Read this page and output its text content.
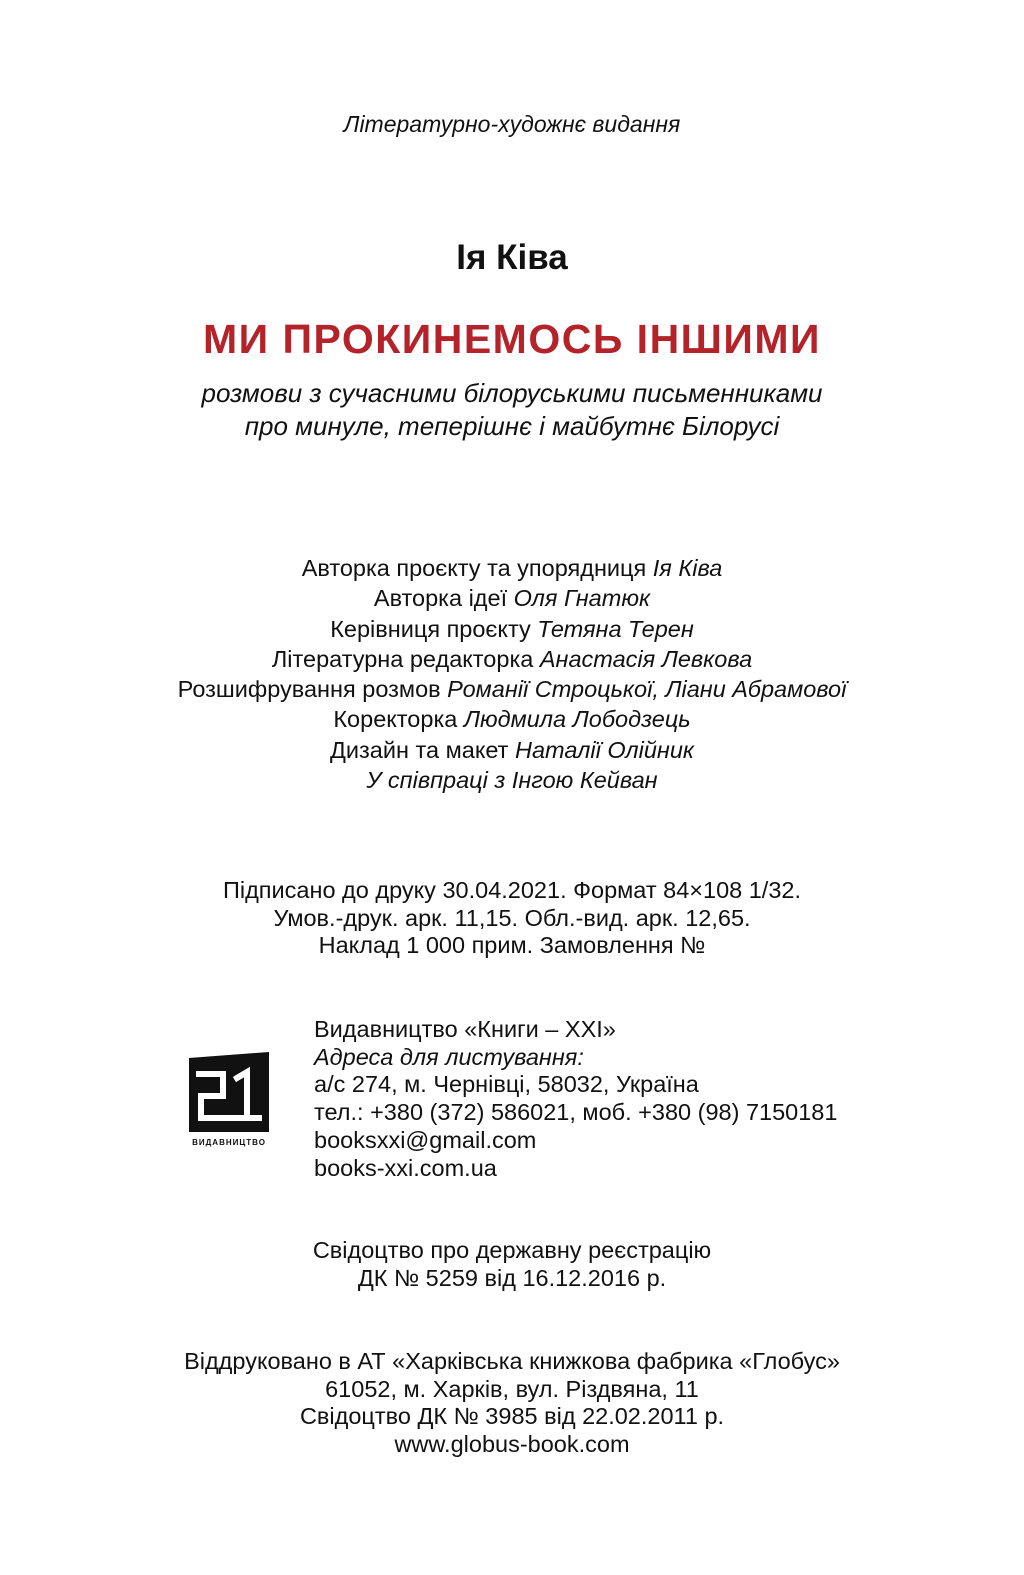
Літературно-художнє видання
Ія Ківа
МИ ПРОКИНЕМОСЬ ІНШИМИ
розмови з сучасними білоруськими письменниками
про минуле, теперішнє і майбутнє Білорусі
Авторка проєкту та упорядниця Ія Ківа
Авторка ідеї Оля Гнатюк
Керівниця проєкту Тетяна Терен
Літературна редакторка Анастасія Левкова
Розшифрування розмов Романії Строцької, Ліани Абрамової
Коректорка Людмила Лободзець
Дизайн та макет Наталії Олійник
У співпраці з Інгою Кейван
Підписано до друку 30.04.2021. Формат 84×108 1/32.
Умов.-друк. арк. 11,15. Обл.-вид. арк. 12,65.
Наклад 1 000 прим. Замовлення №
ВИДАВНИЦТВО
Видавництво «Книги – XXI»
Адреса для листування:
а/с 274, м. Чернівці, 58032, Україна
тел.: +380 (372) 586021, моб. +380 (98) 7150181
booksxxi@gmail.com
books-xxi.com.ua
Свідоцтво про державну реєстрацію
ДК № 5259 від 16.12.2016 р.
Віддруковано в АТ «Харківська книжкова фабрика «Глобус»
61052, м. Харків, вул. Різдвяна, 11
Свідоцтво ДК № 3985 від 22.02.2011 р.
www.globus-book.com
